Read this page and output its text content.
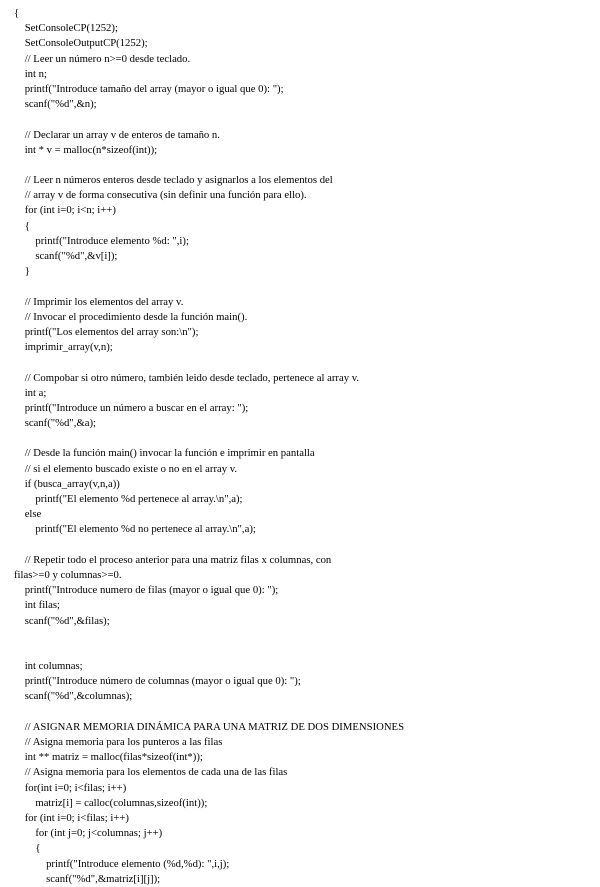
{
SetConsoleCP(1252);
SetConsoleOutputCP(1252);
// Leer un número n>=0 desde teclado.
int n;
printf("Introduce tamaño del array (mayor o igual que 0): ");
scanf("%d",&n);
// Declarar un array v de enteros de tamaño n.
int * v = malloc(n*sizeof(int));
// Leer n números enteros desde teclado y asignarlos a los elementos del
// array v de forma consecutiva (sin definir una función para ello).
for (int i=0; i<n; i++)
{
printf("Introduce elemento %d: ",i);
scanf("%d",&v[i]);
}
// Imprimir los elementos del array v.
// Invocar el procedimiento desde la función main().
printf("Los elementos del array son:\n");
imprimir_array(v,n);
// Compobar si otro número, también leido desde teclado, pertenece al array v.
int a;
printf("Introduce un número a buscar en el array: ");
scanf("%d",&a);
// Desde la función main() invocar la función e imprimir en pantalla
// si el elemento buscado existe o no en el array v.
if (busca_array(v,n,a))
printf("El elemento %d pertenece al array.\n",a);
else
printf("El elemento %d no pertenece al array.\n",a);
// Repetir todo el proceso anterior para una matriz filas x columnas, con
filas>=0 y columnas>=0.
printf("Introduce numero de filas (mayor o igual que 0): ");
int filas;
scanf("%d",&filas);
int columnas;
printf("Introduce número de columnas (mayor o igual que 0): ");
scanf("%d",&columnas);
// ASIGNAR MEMORIA DINÁMICA PARA UNA MATRIZ DE DOS DIMENSIONES
// Asigna memoria para los punteros a las filas
int ** matriz = malloc(filas*sizeof(int*));
// Asigna memoria para los elementos de cada una de las filas
for(int i=0; i<filas; i++)
matriz[i] = calloc(columnas,sizeof(int));
for (int i=0; i<filas; i++)
for (int j=0; j<columnas; j++)
{
printf("Introduce elemento (%d,%d): ",i,j);
scanf("%d",&matriz[i][j]);
